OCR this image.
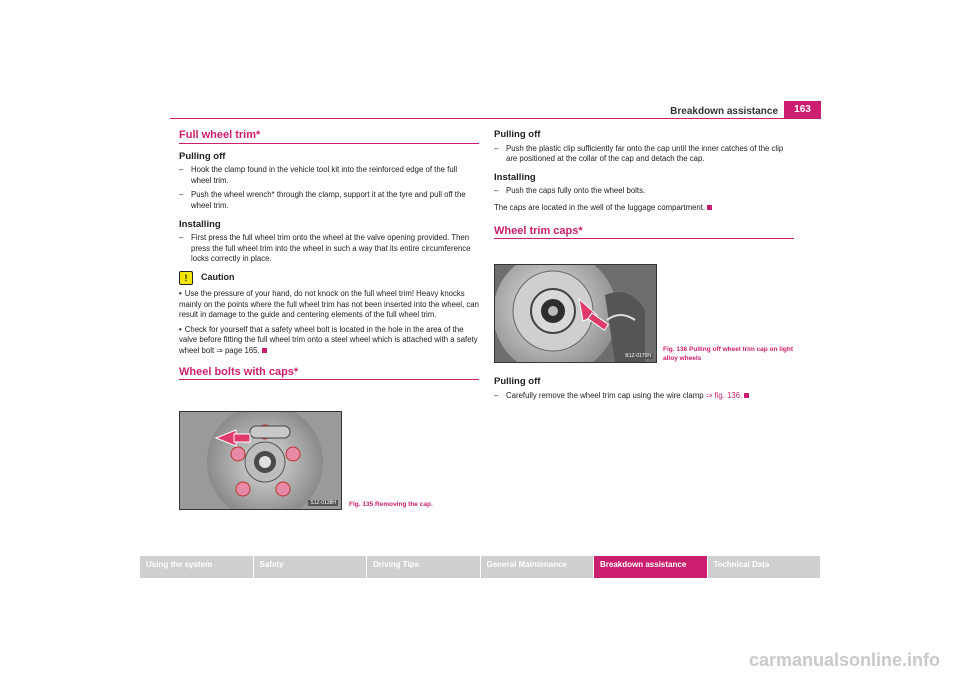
Breakdown assistance	163
Full wheel trim*
Pulling off
– Hook the clamp found in the vehicle tool kit into the reinforced edge of the full wheel trim.
– Push the wheel wrench* through the clamp, support it at the tyre and pull off the wheel trim.
Installing
– First press the full wheel trim onto the wheel at the valve opening provided. Then press the full wheel trim into the wheel in such a way that its entire circumference locks correctly in place.
!	Caution
• Use the pressure of your hand, do not knock on the full wheel trim! Heavy knocks mainly on the points where the full wheel trim has not been inserted into the wheel, can result in damage to the guide and centering elements of the full wheel trim.
• Check for yourself that a safety wheel bolt is located in the hole in the area of the valve before fitting the full wheel trim onto a steel wheel which is attached with a safety wheel bolt ⇒ page 165.
Wheel bolts with caps*
S1Z-0138H	Fig. 135 Removing the cap.
Pulling off
– Push the plastic clip sufficiently far onto the cap until the inner catches of the clip are positioned at the collar of the cap and detach the cap.
Installing
– Push the caps fully onto the wheel bolts.
The caps are located in the well of the luggage compartment.
Wheel trim caps*
B1Z-0179H
Fig. 136 Pulling off wheel trim cap on light alloy wheels
Pulling off
– Carefully remove the wheel trim cap using the wire clamp ⇒ fig. 136.
Using the system	Safety	Driving Tips	General Maintenance	Breakdown assistance	Technical Data
carmanualsonline.info
